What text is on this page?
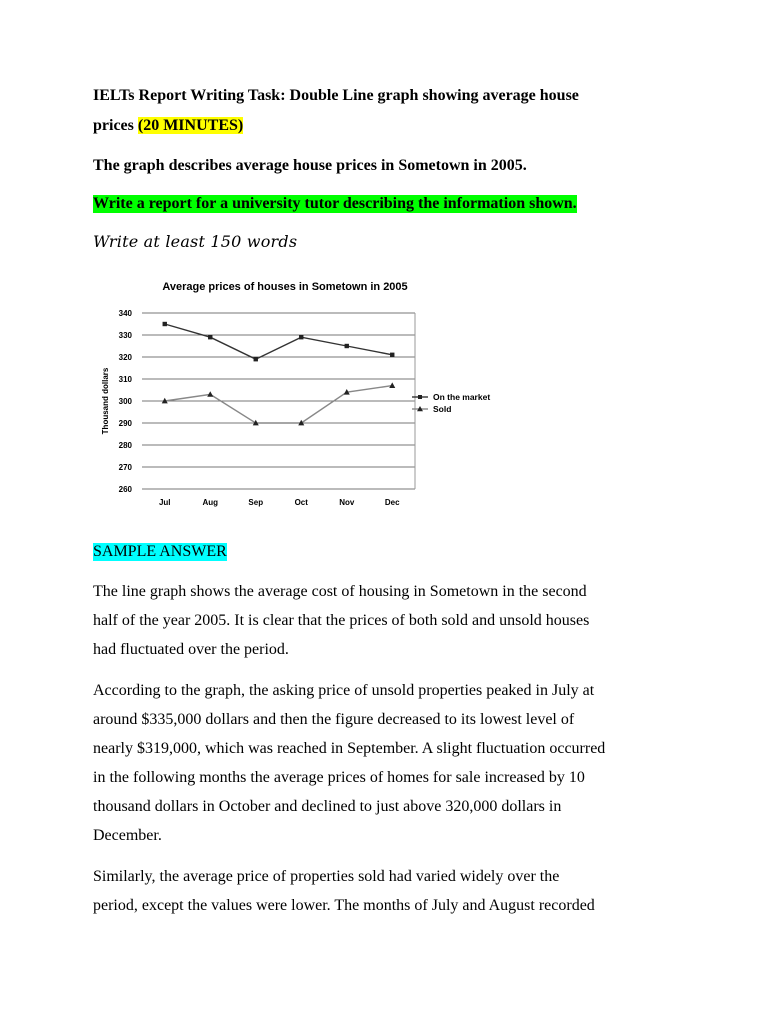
IELTs Report Writing Task: Double Line graph showing average house
prices (20 MINUTES)
The graph describes average house prices in Sometown in 2005.
Write a report for a university tutor describing the information shown.
Write at least 150 words
Average prices of houses in Sometown in 2005
260
270
280
290
300
310
320
330
340
Thousand dollars
Jul	Aug	Sep	Oct	Nov	Dec
On the market
Sold
SAMPLE ANSWER
The line graph shows the average cost of housing in Sometown in the second
half of the year 2005. It is clear that the prices of both sold and unsold houses
had fluctuated over the period.
According to the graph, the asking price of unsold properties peaked in July at
around $335,000 dollars and then the figure decreased to its lowest level of
nearly $319,000, which was reached in September. A slight fluctuation occurred
in the following months the average prices of homes for sale increased by 10
thousand dollars in October and declined to just above 320,000 dollars in
December.
Similarly, the average price of properties sold had varied widely over the
period, except the values were lower. The months of July and August recorded
